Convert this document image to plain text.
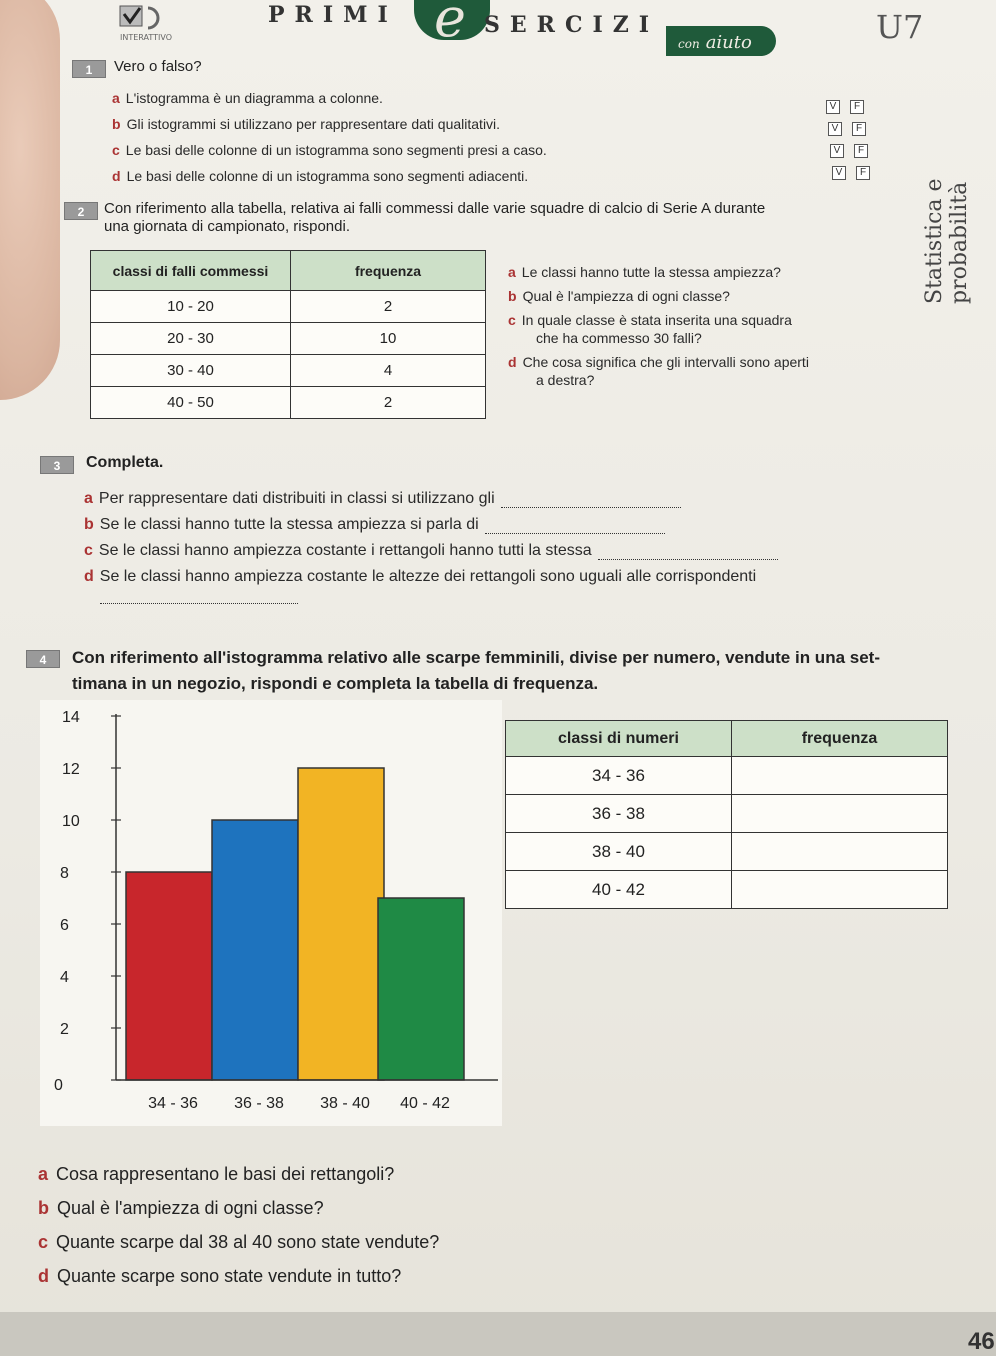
INTERATTIVO
PRIMI e SERCIZI
con aiuto	U7
Statistica e probabilità
1	Vero o falso?
a L'istogramma è un diagramma a colonne.
V	F
b Gli istogrammi si utilizzano per rappresentare dati qualitativi.	V	F
c Le basi delle colonne di un istogramma sono segmenti presi a caso.	V	F
d Le basi delle colonne di un istogramma sono segmenti adiacenti.	V	F
2	Con riferimento alla tabella, relativa ai falli commessi dalle varie squadre di calcio di Serie A durante
una giornata di campionato, rispondi.
classi di falli commessi	frequenza
10 - 20	2
20 - 30	10
30 - 40	4
40 - 50	2
a Le classi hanno tutte la stessa ampiezza?
b Qual è l'ampiezza di ogni classe?
c In quale classe è stata inserita una squadra
che ha commesso 30 falli?
d Che cosa significa che gli intervalli sono aperti
a destra?
3	Completa.
a Per rappresentare dati distribuiti in classi si utilizzano gli
b Se le classi hanno tutte la stessa ampiezza si parla di
c Se le classi hanno ampiezza costante i rettangoli hanno tutti la stessa
d Se le classi hanno ampiezza costante le altezze dei rettangoli sono uguali alle corrispondenti
4	Con riferimento all'istogramma relativo alle scarpe femminili, divise per numero, vendute in una set-
timana in un negozio, rispondi e completa la tabella di frequenza.
0
2
4
6
8
10
12
14
34 - 36 36 - 38 38 - 40 40 - 42
classi di numeri	frequenza
34 - 36	
36 - 38	
38 - 40	
40 - 42	
a Cosa rappresentano le basi dei rettangoli?
b Qual è l'ampiezza di ogni classe?
c Quante scarpe dal 38 al 40 sono state vendute?
d Quante scarpe sono state vendute in tutto?
46
